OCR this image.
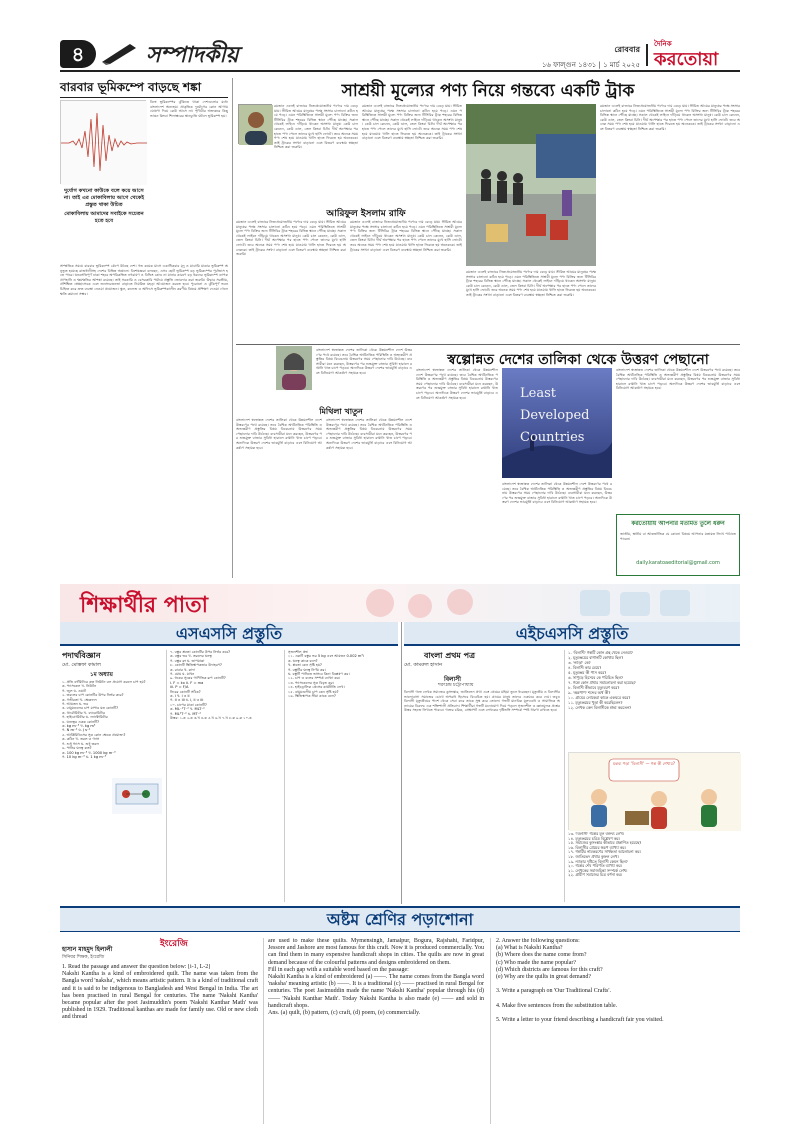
৪	সম্পাদকীয়	রোববার
১৬ ফাল্গুন ১৪৩১ | ১ মার্চ ২০২৫
দৈনিক
করতোয়া
বারবার ভূমিকম্পে বাড়ছে শঙ্কা
বিশ্বে ভূমিকম্পের ঝুঁকিতে থাকা দেশগুলোর মধ্যে বাংলাদেশ অন্যতম। প্রাকৃতিক দুর্যোগের কোন আগাম ঘোষণা দিয়ে কেউ আসে না। পৃথিবীর অভ্যন্তরে কিছু ভাঙন কিংবা শিলাস্তরের স্থানচ্যুতি ঘটলে ভূমিকম্প হয়।
দুর্যোগ কখনো কাউকে বলে কয়ে আসে না। তাই এর মোকাবিলায় আগে থেকেই প্রস্তুত থাকা উচিত
মোকাবিলায় আমাদের সবাইকে সচেতন হতে হবে
সাম্প্রতিক সময়ে বারবার ভূমিকম্পে কেঁপে উঠছে দেশ। গত কয়েক মাসে একাধিকবার মৃদু ও মাঝারি মাত্রার ভূমিকম্প অনুভূত হয়েছে রাজধানীসহ দেশের বিভিন্ন অঞ্চলে। বিশেষজ্ঞরা বলছেন, এসব ছোট ভূমিকম্প বড় ভূমিকম্পের পূর্বাভাস হতে পারে। ঘনবসতিপূর্ণ ঢাকা শহরে অপরিকল্পিত নগরায়ণ ও বিল্ডিং কোড না মানার কারণে বড় ধরনের ভূমিকম্পে ব্যাপক প্রাণহানি ও ক্ষয়ক্ষতির আশঙ্কা রয়েছে। তাই সরকারি ও বেসরকারি পর্যায়ে প্রস্তুতি জোরদার করা জরুরি। উদ্ধার সরঞ্জাম, প্রশিক্ষিত স্বেচ্ছাসেবক এবং জনসচেতনতা বাড়াতে নিয়মিত মহড়া আয়োজন করতে হবে। পুরোনো ও ঝুঁকিপূর্ণ ভবন চিহ্নিত করে দ্রুত ব্যবস্থা নেওয়া প্রয়োজন। স্কুল, কলেজ ও অফিসে ভূমিকম্পকালীন করণীয় বিষয়ে প্রশিক্ষণ দেওয়া গেলে ক্ষতি কমানো সম্ভব।
সাশ্রয়ী মূল্যের পণ্য নিয়ে গন্তব্যে একটি ট্রাক
রমজান এলেই বাজারে নিত্যপ্রয়োজনীয় পণ্যের দাম বেড়ে যায়। সীমিত আয়ের মানুষের পক্ষে সংসার চালানো কঠিন হয়ে পড়ে। এমন পরিস্থিতিতে সাশ্রয়ী মূল্যে পণ্য বিক্রির জন্য টিসিবির ট্রাক শহরের বিভিন্ন স্থানে পৌঁছে যাচ্ছে। সকাল থেকেই লাইনে দাঁড়িয়ে থাকেন অসংখ্য মানুষ। কেউ চাল কেনেন, কেউ ডাল, তেল কিংবা চিনি। দীর্ঘ অপেক্ষার পর হাতে পণ্য পেলে তাদের মুখে হাসি ফোটে। তবে অনেক সময় পণ্য শেষ হয়ে যাওয়ায় খালি হাতে ফিরতে হয় অনেককে। তাই ট্রাকের সংখ্যা বাড়ানো এবং বিতরণ ব্যবস্থায় স্বচ্ছতা নিশ্চিত করা জরুরি।
রমজান এলেই বাজারে নিত্যপ্রয়োজনীয় পণ্যের দাম বেড়ে যায়। সীমিত আয়ের মানুষের পক্ষে সংসার চালানো কঠিন হয়ে পড়ে। এমন পরিস্থিতিতে সাশ্রয়ী মূল্যে পণ্য বিক্রির জন্য টিসিবির ট্রাক শহরের বিভিন্ন স্থানে পৌঁছে যাচ্ছে। সকাল থেকেই লাইনে দাঁড়িয়ে থাকেন অসংখ্য মানুষ। কেউ চাল কেনেন, কেউ ডাল, তেল কিংবা চিনি। দীর্ঘ অপেক্ষার পর হাতে পণ্য পেলে তাদের মুখে হাসি ফোটে। তবে অনেক সময় পণ্য শেষ হয়ে যাওয়ায় খালি হাতে ফিরতে হয় অনেককে। তাই ট্রাকের সংখ্যা বাড়ানো এবং বিতরণ ব্যবস্থায় স্বচ্ছতা নিশ্চিত করা জরুরি।
আরিফুল ইসলাম রাফি
রমজান এলেই বাজারে নিত্যপ্রয়োজনীয় পণ্যের দাম বেড়ে যায়। সীমিত আয়ের মানুষের পক্ষে সংসার চালানো কঠিন হয়ে পড়ে। এমন পরিস্থিতিতে সাশ্রয়ী মূল্যে পণ্য বিক্রির জন্য টিসিবির ট্রাক শহরের বিভিন্ন স্থানে পৌঁছে যাচ্ছে। সকাল থেকেই লাইনে দাঁড়িয়ে থাকেন অসংখ্য মানুষ। কেউ চাল কেনেন, কেউ ডাল, তেল কিংবা চিনি। দীর্ঘ অপেক্ষার পর হাতে পণ্য পেলে তাদের মুখে হাসি ফোটে। তবে অনেক সময় পণ্য শেষ হয়ে যাওয়ায় খালি হাতে ফিরতে হয় অনেককে। তাই ট্রাকের সংখ্যা বাড়ানো এবং বিতরণ ব্যবস্থায় স্বচ্ছতা নিশ্চিত করা জরুরি।
রমজান এলেই বাজারে নিত্যপ্রয়োজনীয় পণ্যের দাম বেড়ে যায়। সীমিত আয়ের মানুষের পক্ষে সংসার চালানো কঠিন হয়ে পড়ে। এমন পরিস্থিতিতে সাশ্রয়ী মূল্যে পণ্য বিক্রির জন্য টিসিবির ট্রাক শহরের বিভিন্ন স্থানে পৌঁছে যাচ্ছে। সকাল থেকেই লাইনে দাঁড়িয়ে থাকেন অসংখ্য মানুষ। কেউ চাল কেনেন, কেউ ডাল, তেল কিংবা চিনি। দীর্ঘ অপেক্ষার পর হাতে পণ্য পেলে তাদের মুখে হাসি ফোটে। তবে অনেক সময় পণ্য শেষ হয়ে যাওয়ায় খালি হাতে ফিরতে হয় অনেককে। তাই ট্রাকের সংখ্যা বাড়ানো এবং বিতরণ ব্যবস্থায় স্বচ্ছতা নিশ্চিত করা জরুরি।
রমজান এলেই বাজারে নিত্যপ্রয়োজনীয় পণ্যের দাম বেড়ে যায়। সীমিত আয়ের মানুষের পক্ষে সংসার চালানো কঠিন হয়ে পড়ে। এমন পরিস্থিতিতে সাশ্রয়ী মূল্যে পণ্য বিক্রির জন্য টিসিবির ট্রাক শহরের বিভিন্ন স্থানে পৌঁছে যাচ্ছে। সকাল থেকেই লাইনে দাঁড়িয়ে থাকেন অসংখ্য মানুষ। কেউ চাল কেনেন, কেউ ডাল, তেল কিংবা চিনি। দীর্ঘ অপেক্ষার পর হাতে পণ্য পেলে তাদের মুখে হাসি ফোটে। তবে অনেক সময় পণ্য শেষ হয়ে যাওয়ায় খালি হাতে ফিরতে হয় অনেককে। তাই ট্রাকের সংখ্যা বাড়ানো এবং বিতরণ ব্যবস্থায় স্বচ্ছতা নিশ্চিত করা জরুরি।
রমজান এলেই বাজারে নিত্যপ্রয়োজনীয় পণ্যের দাম বেড়ে যায়। সীমিত আয়ের মানুষের পক্ষে সংসার চালানো কঠিন হয়ে পড়ে। এমন পরিস্থিতিতে সাশ্রয়ী মূল্যে পণ্য বিক্রির জন্য টিসিবির ট্রাক শহরের বিভিন্ন স্থানে পৌঁছে যাচ্ছে। সকাল থেকেই লাইনে দাঁড়িয়ে থাকেন অসংখ্য মানুষ। কেউ চাল কেনেন, কেউ ডাল, তেল কিংবা চিনি। দীর্ঘ অপেক্ষার পর হাতে পণ্য পেলে তাদের মুখে হাসি ফোটে। তবে অনেক সময় পণ্য শেষ হয়ে যাওয়ায় খালি হাতে ফিরতে হয় অনেককে। তাই ট্রাকের সংখ্যা বাড়ানো এবং বিতরণ ব্যবস্থায় স্বচ্ছতা নিশ্চিত করা জরুরি।
বাংলাদেশ স্বল্পোন্নত দেশের তালিকা থেকে উন্নয়নশীল দেশে উত্তরণের পথে রয়েছে। তবে বৈশ্বিক অর্থনৈতিক পরিস্থিতি ও অভ্যন্তরীণ প্রস্তুতির বিষয় বিবেচনায় উত্তরণের সময় পেছানোর দাবি উঠেছে। ব্যবসায়ীরা মনে করছেন, উত্তরণের পর শুল্কমুক্ত বাজার সুবিধা হারালে রপ্তানি খাত চাপে পড়বে। অন্যদিকে উত্তরণ দেশের ভাবমূর্তি বাড়াবে এবং বিনিয়োগ আকর্ষণে সহায়ক হবে।
স্বল্পোন্নত দেশের তালিকা থেকে উত্তরণ পেছানো
মিথিলা খাতুন
বাংলাদেশ স্বল্পোন্নত দেশের তালিকা থেকে উন্নয়নশীল দেশে উত্তরণের পথে রয়েছে। তবে বৈশ্বিক অর্থনৈতিক পরিস্থিতি ও অভ্যন্তরীণ প্রস্তুতির বিষয় বিবেচনায় উত্তরণের সময় পেছানোর দাবি উঠেছে। ব্যবসায়ীরা মনে করছেন, উত্তরণের পর শুল্কমুক্ত বাজার সুবিধা হারালে রপ্তানি খাত চাপে পড়বে। অন্যদিকে উত্তরণ দেশের ভাবমূর্তি বাড়াবে এবং বিনিয়োগ আকর্ষণে সহায়ক হবে।
বাংলাদেশ স্বল্পোন্নত দেশের তালিকা থেকে উন্নয়নশীল দেশে উত্তরণের পথে রয়েছে। তবে বৈশ্বিক অর্থনৈতিক পরিস্থিতি ও অভ্যন্তরীণ প্রস্তুতির বিষয় বিবেচনায় উত্তরণের সময় পেছানোর দাবি উঠেছে। ব্যবসায়ীরা মনে করছেন, উত্তরণের পর শুল্কমুক্ত বাজার সুবিধা হারালে রপ্তানি খাত চাপে পড়বে। অন্যদিকে উত্তরণ দেশের ভাবমূর্তি বাড়াবে এবং বিনিয়োগ আকর্ষণে সহায়ক হবে।
বাংলাদেশ স্বল্পোন্নত দেশের তালিকা থেকে উন্নয়নশীল দেশে উত্তরণের পথে রয়েছে। তবে বৈশ্বিক অর্থনৈতিক পরিস্থিতি ও অভ্যন্তরীণ প্রস্তুতির বিষয় বিবেচনায় উত্তরণের সময় পেছানোর দাবি উঠেছে। ব্যবসায়ীরা মনে করছেন, উত্তরণের পর শুল্কমুক্ত বাজার সুবিধা হারালে রপ্তানি খাত চাপে পড়বে। অন্যদিকে উত্তরণ দেশের ভাবমূর্তি বাড়াবে এবং বিনিয়োগ আকর্ষণে সহায়ক হবে।	Least
Developed
Countries
বাংলাদেশ স্বল্পোন্নত দেশের তালিকা থেকে উন্নয়নশীল দেশে উত্তরণের পথে রয়েছে। তবে বৈশ্বিক অর্থনৈতিক পরিস্থিতি ও অভ্যন্তরীণ প্রস্তুতির বিষয় বিবেচনায় উত্তরণের সময় পেছানোর দাবি উঠেছে। ব্যবসায়ীরা মনে করছেন, উত্তরণের পর শুল্কমুক্ত বাজার সুবিধা হারালে রপ্তানি খাত চাপে পড়বে। অন্যদিকে উত্তরণ দেশের ভাবমূর্তি বাড়াবে এবং বিনিয়োগ আকর্ষণে সহায়ক হবে।
বাংলাদেশ স্বল্পোন্নত দেশের তালিকা থেকে উন্নয়নশীল দেশে উত্তরণের পথে রয়েছে। তবে বৈশ্বিক অর্থনৈতিক পরিস্থিতি ও অভ্যন্তরীণ প্রস্তুতির বিষয় বিবেচনায় উত্তরণের সময় পেছানোর দাবি উঠেছে। ব্যবসায়ীরা মনে করছেন, উত্তরণের পর শুল্কমুক্ত বাজার সুবিধা হারালে রপ্তানি খাত চাপে পড়বে। অন্যদিকে উত্তরণ দেশের ভাবমূর্তি বাড়াবে এবং বিনিয়োগ আকর্ষণে সহায়ক হবে।
করতোয়ায় আপনার মতামত তুলে ধরুন
জাতীয়, স্থানীয় বা আন্তর্জাতিক যে কোনো বিষয়ে আপনার মতামত লিখে পাঠাতে পারেন।
daily.karatoaeditorial@gmail.com
শিক্ষার্থীর পাতা
এসএসসি প্রস্তুতি
পদার্থবিজ্ঞান
মো. মোস্তফা কামাল
১ম অধ্যায়
১. প্রতি বর্গমিটারে কত নিউটন বল প্রয়োগ করলে চাপ হয়?
ক. প্যাসকেল খ. নিউটন
গ. জুল ঘ. ওয়াট
২. তরলের চাপ কোনটির উপর নির্ভর করে?
ক. গভীরতা খ. ক্ষেত্রফল
গ. আয়তন ঘ. ভর
৩. বায়ুমণ্ডলের চাপ মাপার যন্ত্র কোনটি?
ক. থার্মোমিটার খ. ব্যারোমিটার
গ. হাইগ্রোমিটার ঘ. ল্যাক্টোমিটার
৪. ঘনত্বের একক কোনটি?
ক. kg m⁻³ খ. kg m³
গ. N m⁻² ঘ. J s⁻¹
৫. আর্কিমিডিসের সূত্র কোন ক্ষেত্রে প্রযোজ্য?
ক. কঠিন খ. তরল ও গ্যাস
গ. শুধু গ্যাস ঘ. শুধু তরল
৬. পানির ঘনত্ব কত?
ক. 100 kg m⁻³ খ. 1000 kg m⁻³
গ. 10 kg m⁻³ ঘ. 1 kg m⁻³
৭. বস্তুর প্লবতা কোনটির উপর নির্ভর করে?
ক. বস্তুর ভর খ. তরলের ঘনত্ব
গ. বস্তুর রং ঘ. তাপমাত্রা
৮. কোনটি স্থিতিস্থাপকতার উদাহরণ?
ক. রাবার খ. কাদা
গ. মোম ঘ. মাখন
৯. হুকের সূত্রের গাণিতিক রূপ কোনটি?
i. F = kx ii. F = ma
iii. P = F/A
নিচের কোনটি সঠিক?
ক. i খ. i ও ii
গ. ii ও iii ঘ. i, ii ও iii
১০. চাপের মাত্রা কোনটি?
ক. ML⁻¹T⁻² খ. MLT⁻²
গ. ML²T⁻² ঘ. MT⁻²
উত্তর: ১.ক ২.ক ৩.খ ৪.ক ৫.খ ৬.খ ৭.খ ৮.ক ৯.ক ১০.ক
সৃজনশীল প্রশ্ন
১১. একটি বস্তুর ভর 5 kg এবং আয়তন 0.002 m³।
ক. ঘনত্ব কাকে বলে?
খ. প্লবতা কেন সৃষ্টি হয়?
গ. বস্তুটির ঘনত্ব নির্ণয় কর।
ঘ. বস্তুটি পানিতে ভাসবে কিনা বিশ্লেষণ কর।
১২. চাপ ও বলের সম্পর্ক ব্যাখ্যা কর।
১৩. প্যাসকেলের সূত্র বিবৃত কর।
১৪. হাইড্রোলিক প্রেসের কার্যনীতি লেখ।
১৫. বায়ুমণ্ডলীয় চাপ কেন সৃষ্টি হয়?
১৬. স্থিতিস্থাপক সীমা কাকে বলে?
এইচএসসি প্রস্তুতি
বাংলা প্রথম পত্র
মো. কামরুল হাসান
বিলাসী
শরৎচন্দ্র চট্টোপাধ্যায়
বিলাসী গল্পে লেখক সমাজের কুসংস্কার, জাতিভেদ প্রথা এবং প্রেমের মহিমা তুলে ধরেছেন। মৃত্যুঞ্জয় ও বিলাসীর ভালোবাসা সমাজের চোখে অপরাধ হিসেবে বিবেচিত হয়। গ্রামের মানুষ তাদের একঘরে করে দেয়। তবুও বিলাসী মৃত্যুঞ্জয়ের পাশে থেকে সেবা করে তাকে সুস্থ করে তোলে। গল্পটি মানবিক মূল্যবোধ ও সামাজিক অন্যায়ের বিরুদ্ধে এক শক্তিশালী প্রতিবাদ। শিক্ষার্থীরা গল্পটি মনোযোগ দিয়ে পড়লে সৃজনশীল ও জ্ঞানমূলক প্রশ্নের উত্তর সহজে লিখতে পারবে। গল্পের চরিত্র, প্রেক্ষাপট এবং লেখকের দৃষ্টিভঙ্গি সম্পর্কে স্পষ্ট ধারণা রাখতে হবে।
১. 'বিলাসী' গল্পটি কোন গ্রন্থ থেকে নেওয়া?
২. মৃত্যুঞ্জয়ের বাগানটি কোথায় ছিল?
৩. 'ন্যাড়া' কে?
৪. বিলাসী কার মেয়ে?
৫. মৃত্যুঞ্জয় কী পাস করে?
৬. সাপুড়ে হিসেবে কে পরিচিত ছিল?
৭. গল্পে কোন প্রথার সমালোচনা করা হয়েছে?
৮. বিলাসী কীভাবে মৃত্যুবরণ করে?
৯. 'অন্নপাপ' শব্দের অর্থ কী?
১০. গ্রামের লোকেরা কাকে একঘরে করে?
১১. মৃত্যুঞ্জয়ের খুড়া কী করেছিলেন?
১২. লেখক কেন বিলাসীকে শ্রদ্ধা করতেন?
মন্তব্য পড়া 'বিলাসী' — গল্প কী শেখায়?
১৩. 'বিলাসী' গল্পের মূল বক্তব্য লেখ।
১৪. মৃত্যুঞ্জয়ের চরিত্র বিশ্লেষণ কর।
১৫. সমাজের কুসংস্কার কীভাবে প্রকাশিত হয়েছে?
১৬. বিলাসীর প্রেমের স্বরূপ ব্যাখ্যা কর।
১৭. গল্পটির নামকরণের সার্থকতা আলোচনা কর।
১৮. জাতিভেদ প্রথার কুফল লেখ।
১৯. ন্যাড়ার দৃষ্টিতে বিলাসী কেমন ছিল?
২০. গল্পের শেষ পরিণতি ব্যাখ্যা কর।
২১. লেখকের সমাজচিন্তা সম্পর্কে লেখ।
২২. গ্রামীণ সমাজের চিত্র বর্ণনা কর।
অষ্টম শ্রেণির পড়াশোনা
হাসান মাহমুদ হিলালী
সিনিয়র শিক্ষক, ইংরেজি
ইংরেজি
1. Read the passage and answer the question below: [i-1, L-2]
Nakshi Kantha is a kind of embroidered quilt. The name was taken from the Bangla word 'naksha', which means artistic pattern. It is a kind of traditional craft and it is said to be indigenous to Bangladesh and West Bengal in India. The art has been practised in rural Bengal for centuries. The name 'Nakshi Kantha' became popular after the poet Jasimuddin's poem 'Nakshi Kanthar Math' was published in 1929. Traditional kanthas are made for family use. Old or new cloth and thread
are used to make these quilts. Mymensingh, Jamalpur, Bogura, Rajshahi, Faridpur, Jessore and Jashore are most famous for this craft. Now it is produced commercially. You can find them in many expensive handicraft shops in cities. The quilts are now in great demand because of the colourful patterns and designs embroidered on them.
Fill in each gap with a suitable word based on the passage:
Nakshi Kantha is a kind of embroidered (a) ——. The name comes from the Bangla word 'naksha' meaning artistic (b) ——. It is a traditional (c) —— practised in rural Bengal for centuries. The poet Jasimuddin made the name 'Nakshi Kantha' popular through his (d) —— 'Nakshi Kanthar Math'. Today Nakshi Kantha is also made (e) —— and sold in handicraft shops.
Ans. (a) quilt, (b) pattern, (c) craft, (d) poem, (e) commercially.
2. Answer the following questions:
(a) What is Nakshi Kantha?
(b) Where does the name come from?
(c) Who made the name popular?
(d) Which districts are famous for this craft?
(e) Why are the quilts in great demand?

3. Write a paragraph on 'Our Traditional Crafts'.

4. Make five sentences from the substitution table.

5. Write a letter to your friend describing a handicraft fair you visited.
